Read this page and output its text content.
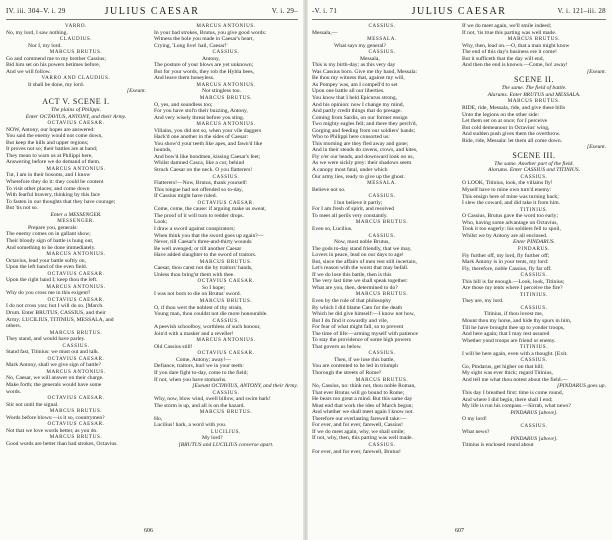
IV. iii. 304–V. i. 29	JULIUS CAESAR	V. i. 29–
VARRO.
No, my lord, I saw nothing.
CLAUDIUS.
Nor I, my lord.
MARCUS BRUTUS.
Go and commend me to my brother Cassius;
Bid him set on his powers betimes before,
And we will follow.
VARRO AND CLAUDIUS.
It shall be done, my lord.
[Exeunt.
ACT V. SCENE I.
The plains of Philippi.
Enter OCTAVIUS, ANTONY, and their Army.
OCTAVIUS CAESAR.
NOW, Antony, our hopes are answered:
You said the enemy would not come down,
But keep the hills and upper regions;
It proves not so; their battles are at hand;
They mean to warn us at Philippi here,
Answering before we do demand of them.
MARCUS ANTONIUS.
Tut, I am in their bosoms, and I know
Wherefore they do it: they could be content
To visit other places; and come down
With fearful bravery, thinking by this face
To fasten in our thoughts that they have courage;
But 'tis not so.
Enter a MESSENGER.
MESSENGER.
Prepare you, generals:
The enemy comes on in gallant show;
Their bloody sign of battle is hung out,
And something to be done immediately.
MARCUS ANTONIUS.
Octavius, lead your battle softly on,
Upon the left hand of the even field.
OCTAVIUS CAESAR.
Upon the right hand I; keep thou the left.
MARCUS ANTONIUS.
Why do you cross me in this exigent?
OCTAVIUS CAESAR.
I do not cross you; but I will do so. [March.
Drum. Enter BRUTUS, CASSIUS, and their
Army; LUCILIUS, TITINIUS, MESSALA, and
others.
MARCUS BRUTUS.
They stand, and would have parley.
CASSIUS.
Stand fast, Titinius: we must out and talk.
OCTAVIUS CAESAR.
Mark Antony, shall we give sign of battle?
MARCUS ANTONIUS.
No, Caesar, we will answer on their charge.
Make forth; the generals would have some
words.
OCTAVIUS CAESAR.
Stir not until the signal.
MARCUS BRUTUS.
Words before blows:—is it so, countrymen?
OCTAVIUS CAESAR.
Not that we love words better, as you do.
MARCUS BRUTUS.
Good words are better than bad strokes, Octavius.
MARCUS ANTONIUS.
In your bad strokes, Brutus, you give good words:
Witness the hole you made in Caesar's heart,
Crying, 'Long live! hail, Caesar!'
CASSIUS.
Antony,
The posture of your blows are yet unknown;
But for your words, they rob the Hybla bees,
And leave them honeyless.
MARCUS ANTONIUS.
Not stingless too.
MARCUS BRUTUS.
O, yes, and soundless too;
For you have stol'n their buzzing, Antony,
And very wisely threat before you sting.
MARCUS ANTONIUS.
Villains, you did not so, when your vile daggers
Hack'd one another in the sides of Caesar:
You show'd your teeth like apes, and fawn'd like
hounds,
And bow'd like bondmen, kissing Caesar's feet;
Whilst damned Casca, like a cur, behind
Struck Caesar on the neck. O you flatterers!
CASSIUS.
Flatterers!—Now, Brutus, thank yourself:
This tongue had not offended so to-day,
If Cassius might have ruled.
OCTAVIUS CAESAR.
Come, come, the cause: if arguing make us sweat,
The proof of it will turn to redder drops.
Look;
I draw a sword against conspirators;
When think you that the sword goes up again?—
Never, till Caesar's three-and-thirty wounds
Be well avenged; or till another Caesar
Have added slaughter to the sword of traitors.
MARCUS BRUTUS.
Caesar, thou canst not die by traitors' hands,
Unless thou bring'st them with thee.
OCTAVIUS CAESAR.
So I hope;
I was not born to die on Brutus' sword.
MARCUS BRUTUS.
O, if thou wert the noblest of thy strain,
Young man, thou couldst not die more honourable.
CASSIUS.
A peevish schoolboy, worthless of such honour,
Join'd with a masker and a reveller!
MARCUS ANTONIUS.
Old Cassius still!
OCTAVIUS CAESAR.
Come, Antony; away!—
Defiance, traitors, hurl we in your teeth:
If you dare fight to-day, come to the field;
If not, when you have stomachs.
[Exeunt OCTAVIUS, ANTONY, and their Army.
CASSIUS.
Why, now, blow wind, swell billow, and swim bark!
The storm is up, and all is on the hazard.
MARCUS BRUTUS.
Ho,
Lucilius! hark, a word with you.
LUCILIUS.
My lord?
[BRUTUS and LUCILIUS converse apart.
606
-V. i. 71	JULIUS CAESAR	V. i. 121–iii. 28
CASSIUS.
Messala,—
MESSALA.
What says my general?
CASSIUS.
Messala,
This is my birth-day; as this very day
Was Cassius born. Give me thy hand, Messala:
Be thou my witness that, against my will,
As Pompey was, am I compell'd to set
Upon one battle all our liberties.
You know that I held Epicurus strong,
And his opinion: now I change my mind,
And partly credit things that do presage.
Coming from Sardis, on our former ensign
Two mighty eagles fell; and there they perch'd,
Gorging and feeding from our soldiers' hands;
Who to Philippi here consorted us:
This morning are they fled away and gone;
And in their steads do ravens, crows, and kites,
Fly o'er our heads, and downward look on us,
As we were sickly prey: their shadows seem
A canopy most fatal, under which
Our army lies, ready to give up the ghost.
MESSALA.
Believe not so.
CASSIUS.
I but believe it partly;
For I am fresh of spirit, and resolved
To meet all perils very constantly.
MARCUS BRUTUS.
Even so, Lucilius.
CASSIUS.
Now, most noble Brutus,
The gods to-day stand friendly, that we may,
Lovers in peace, lead on our days to age!
But, since the affairs of men rest still incertain,
Let's reason with the worst that may befall.
If we do lose this battle, then is this
The very last time we shall speak together:
What are you, then, determined to do?
MARCUS BRUTUS.
Even by the rule of that philosophy
By which I did blame Cato for the death
Which he did give himself:—I know not how,
But I do find it cowardly and vile,
For fear of what might fall, so to prevent
The time of life:—arming myself with patience
To stay the providence of some high powers
That govern us below.
CASSIUS.
Then, if we lose this battle,
You are contented to be led in triumph
Thorough the streets of Rome?
MARCUS BRUTUS.
No, Cassius, no: think not, thou noble Roman,
That ever Brutus will go bound to Rome;
He bears too great a mind. But this same day
Must end that work the ides of March begun;
And whether we shall meet again I know not.
Therefore our everlasting farewell take:—
For ever, and for ever, farewell, Cassius!
If we do meet again, why, we shall smile;
If not, why, then, this parting was well made.
CASSIUS.
For ever, and for ever, farewell, Brutus!
If we do meet again, we'll smile indeed;
If not, 'tis true this parting was well made.
MARCUS BRUTUS.
Why, then, lead on.—O, that a man might know
The end of this day's business ere it come!
But it sufficeth that the day will end,
And then the end is known.—Come, ho! away!
[Exeunt.
SCENE II.
The same. The field of battle.
Alarums. Enter BRUTUS and MESSALA.
MARCUS BRUTUS.
RIDE, ride, Messala, ride, and give these bills
Unto the legions on the other side:
Let them set on at once; for I perceive
But cold demeanour in Octavius' wing,
And sudden push gives them the overthrow.
Ride, ride, Messala: let them all come down.
[Exeunt.
SCENE III.
The same. Another part of the field.
Alarums. Enter CASSIUS and TITINIUS.
CASSIUS.
O LOOK, Titinius, look, the villains fly!
Myself have to mine own turn'd enemy:
This ensign here of mine was turning back;
I slew the coward, and did take it from him.
TITINIUS.
O Cassius, Brutus gave the word too early;
Who, having some advantage on Octavius,
Took it too eagerly: his soldiers fell to spoil,
Whilst we by Antony are all enclosed.
Enter PINDARUS.
PINDARUS.
Fly further off, my lord, fly further off;
Mark Antony is in your tents, my lord:
Fly, therefore, noble Cassius, fly far off.
CASSIUS.
This hill is far enough.—Look, look, Titinius;
Are those my tents where I perceive the fire?
TITINIUS.
They are, my lord.
CASSIUS.
Titinius, if thou lovest me,
Mount thou my horse, and hide thy spurs in him,
Till he have brought thee up to yonder troops,
And here again; that I may rest assured
Whether yond troops are friend or enemy.
TITINIUS.
I will be here again, even with a thought. [Exit.
CASSIUS.
Go, Pindarus, get higher on that hill;
My sight was ever thick; regard Titinius,
And tell me what thou notest about the field.—
[PINDARUS goes up.
This day I breathed first: time is come round,
And where I did begin, there shall I end;
My life is run his compass.—Sirrah, what news?
PINDARUS [above].
O my lord!
CASSIUS.
What news?
PINDARUS [above].
Titinius is enclosed round about
607
